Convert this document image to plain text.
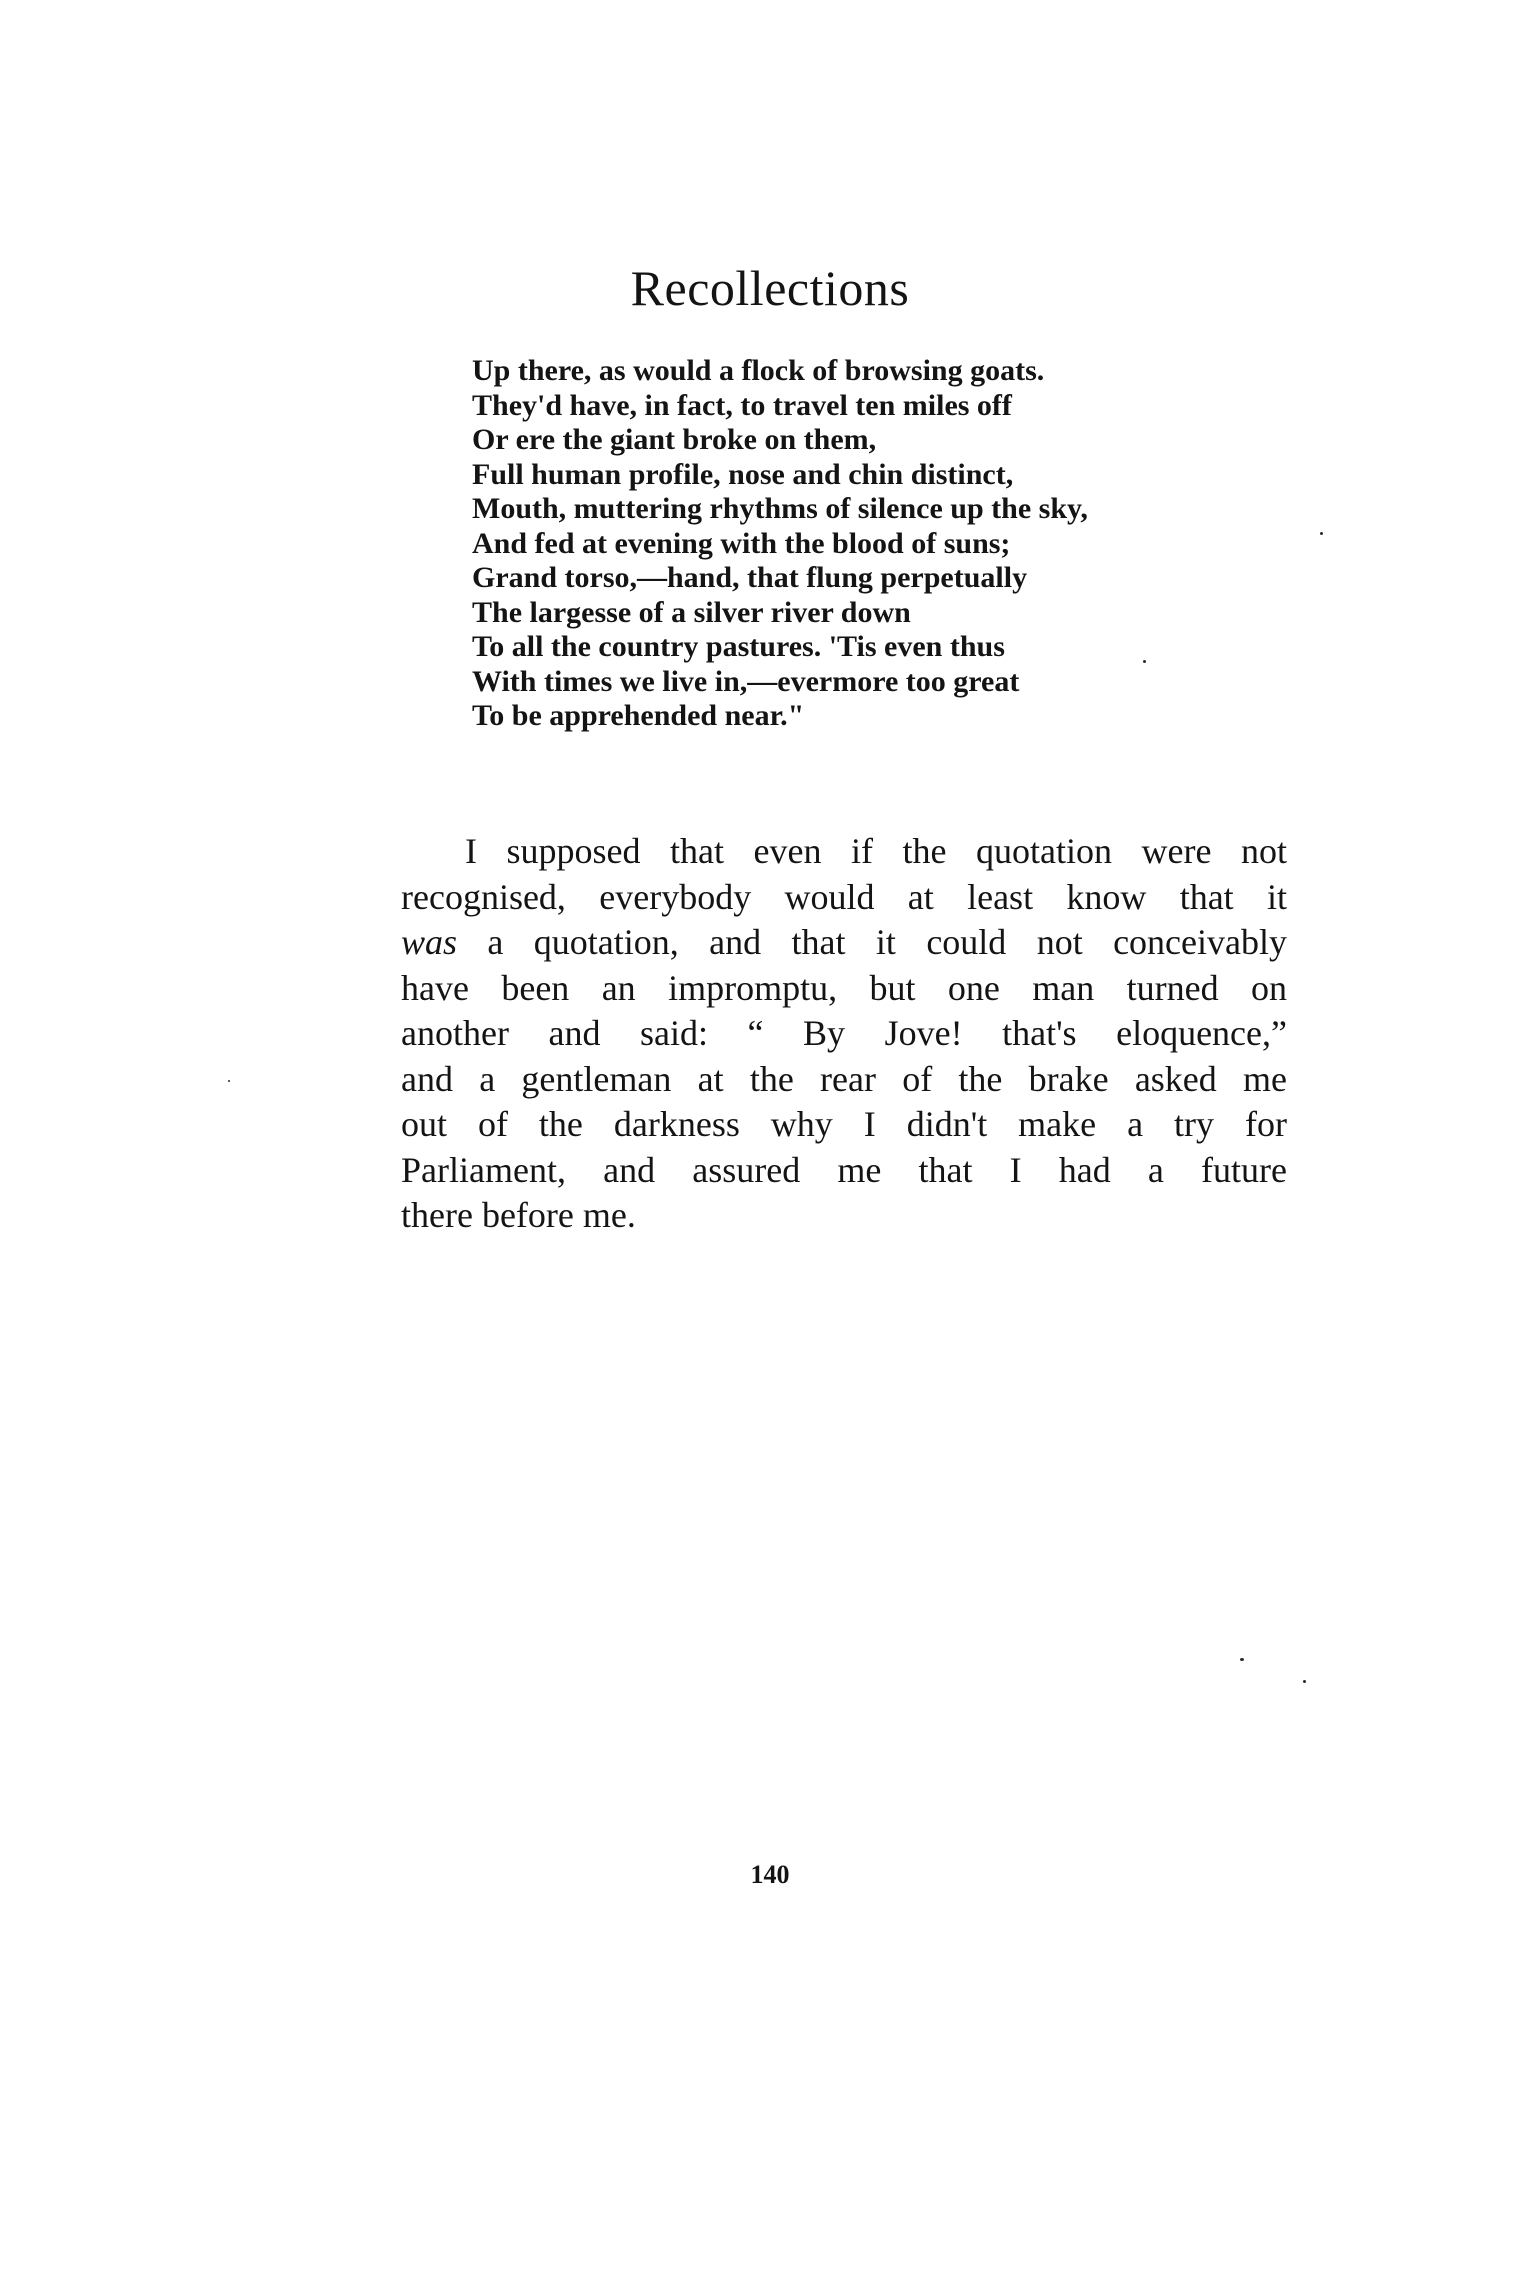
Recollections
Up there, as would a flock of browsing goats.
They'd have, in fact, to travel ten miles off
Or ere the giant broke on them,
Full human profile, nose and chin distinct,
Mouth, muttering rhythms of silence up the sky,
And fed at evening with the blood of suns;
Grand torso,—hand, that flung perpetually
The largesse of a silver river down
To all the country pastures. 'Tis even thus
With times we live in,—evermore too great
To be apprehended near."
I supposed that even if the quotation were not
recognised, everybody would at least know that it
was a quotation, and that it could not conceivably
have been an impromptu, but one man turned on
another and said: “ By Jove! that's eloquence,”
and a gentleman at the rear of the brake asked me
out of the darkness why I didn't make a try for
Parliament, and assured me that I had a future
there before me.
140
